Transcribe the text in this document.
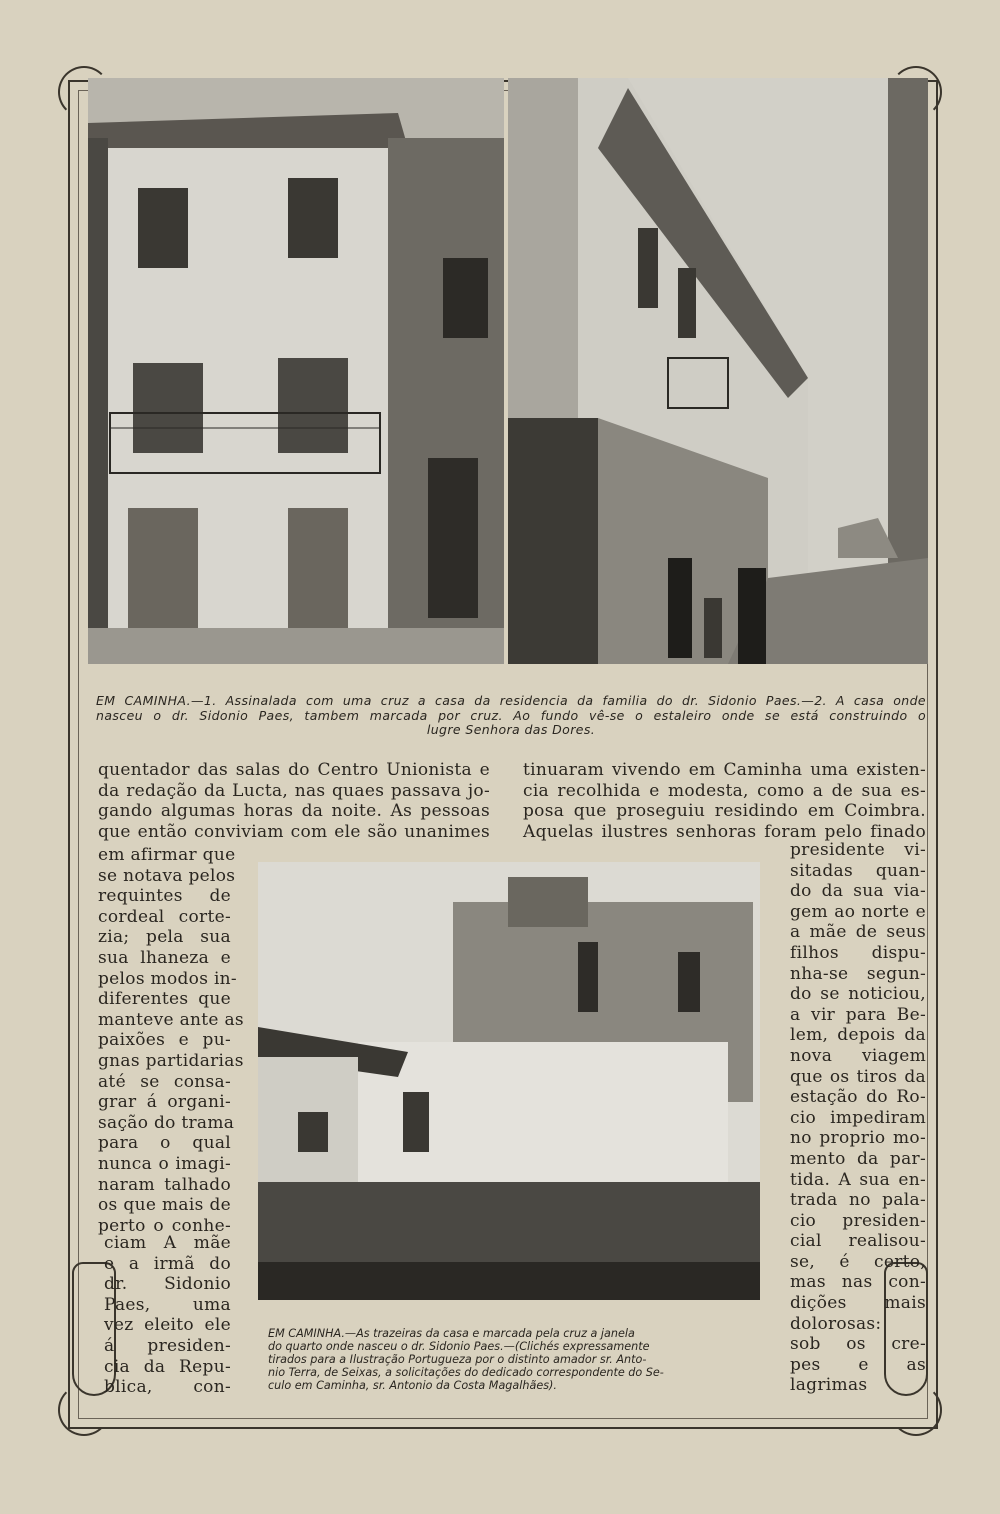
EM CAMINHA.—1. Assinalada com uma cruz a casa da residencia da familia do dr. Sidonio Paes.—2. A casa onde
nasceu o dr. Sidonio Paes, tambem marcada por cruz. Ao fundo vê-se o estaleiro onde se está construindo o
lugre Senhora das Dores.
quentador das salas do Centro Unionista e
da redação da Lucta, nas quaes passava jo-
gando algumas horas da noite. As pessoas
que então conviviam com ele são unanimes
em afirmar que
se notava pelos
requintes de
cordeal corte-
zia; pela sua
sua lhaneza e
pelos modos in-
diferentes que
manteve ante as
paixões e pu-
gnas partidarias
até se consa-
grar á organi-
sação do trama
para o qual
nunca o imagi-
naram talhado
os que mais de
perto o conhe-
ciam A mãe
e a irmã do
dr. Sidonio
Paes, uma
vez eleito ele
á presiden-
cia da Repu-
blica, con-
tinuaram vivendo em Caminha uma existen-
cia recolhida e modesta, como a de sua es-
posa que proseguiu residindo em Coimbra.
Aquelas ilustres senhoras foram pelo finado
presidente vi-
sitadas quan-
do da sua via-
gem ao norte e
a mãe de seus
filhos dispu-
nha-se segun-
do se noticiou,
a vir para Be-
lem, depois da
nova viagem
que os tiros da
estação do Ro-
cio impediram
no proprio mo-
mento da par-
tida. A sua en-
trada no pala-
cio presiden-
cial realisou-
se, é certo,
mas nas con-
dições mais
dolorosas:
sob os cre-
pes e as
lagrimas
EM CAMINHA.—As trazeiras da casa e marcada pela cruz a janela
do quarto onde nasceu o dr. Sidonio Paes.—(Clichés expressamente
tirados para a Ilustração Portugueza por o distinto amador sr. Anto-
nio Terra, de Seixas, a solicitações do dedicado correspondente do Se-
culo em Caminha, sr. Antonio da Costa Magalhães).
